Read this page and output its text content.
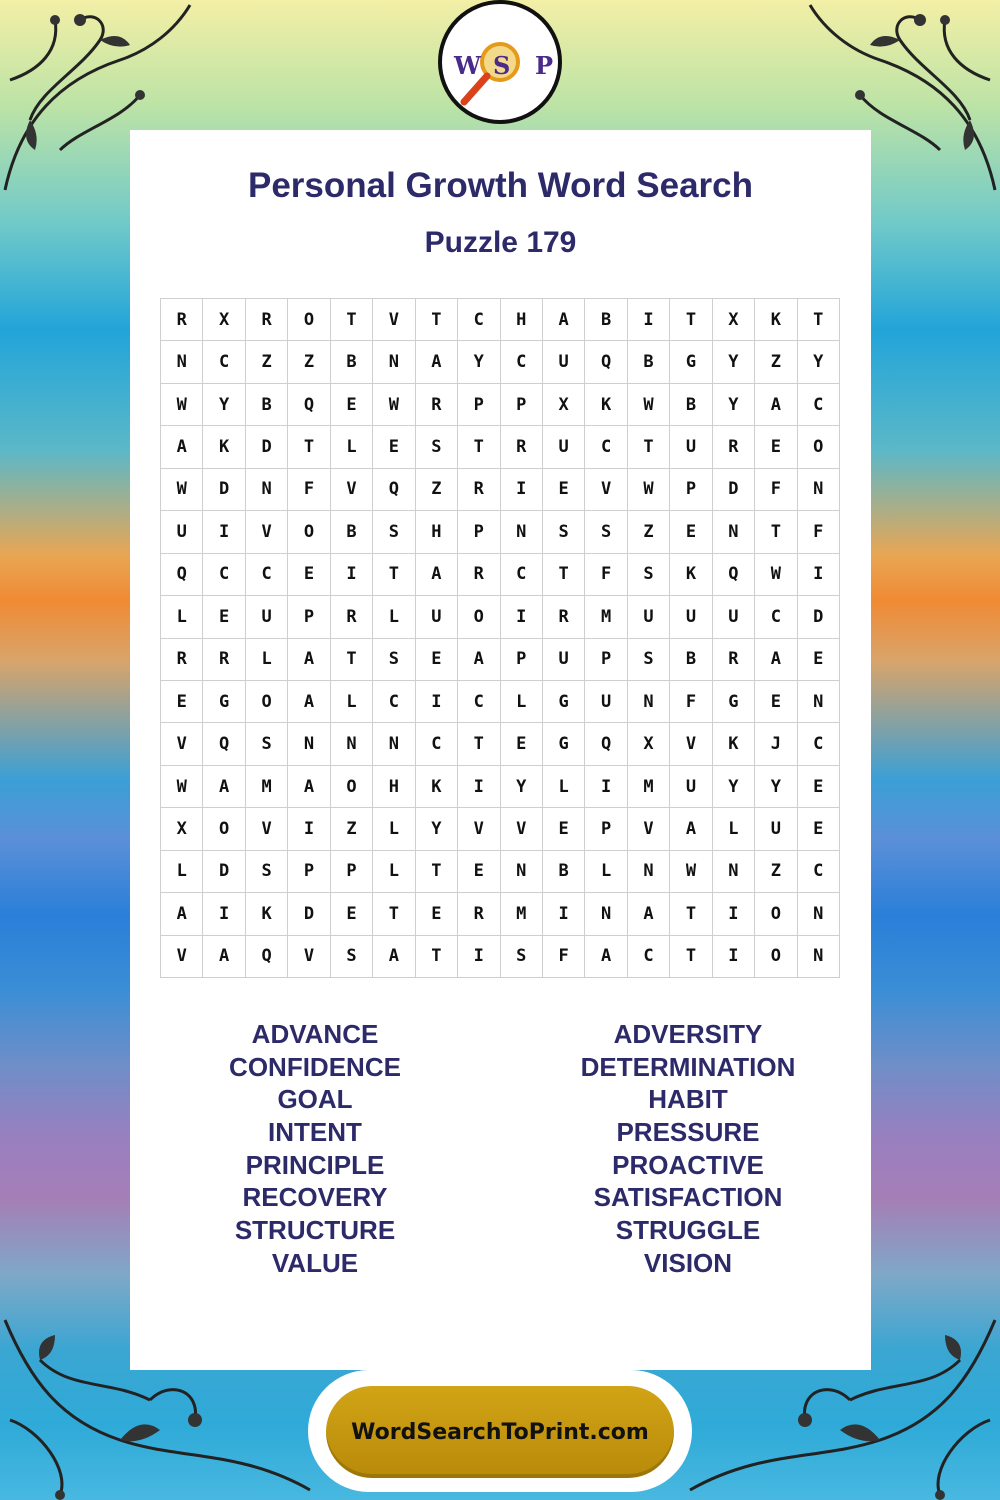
W S P
Personal Growth Word Search
Puzzle 179
R	X	R	O	T	V	T	C	H	A	B	I	T	X	K	T
N	C	Z	Z	B	N	A	Y	C	U	Q	B	G	Y	Z	Y
W	Y	B	Q	E	W	R	P	P	X	K	W	B	Y	A	C
A	K	D	T	L	E	S	T	R	U	C	T	U	R	E	O
W	D	N	F	V	Q	Z	R	I	E	V	W	P	D	F	N
U	I	V	O	B	S	H	P	N	S	S	Z	E	N	T	F
Q	C	C	E	I	T	A	R	C	T	F	S	K	Q	W	I
L	E	U	P	R	L	U	O	I	R	M	U	U	U	C	D
R	R	L	A	T	S	E	A	P	U	P	S	B	R	A	E
E	G	O	A	L	C	I	C	L	G	U	N	F	G	E	N
V	Q	S	N	N	N	C	T	E	G	Q	X	V	K	J	C
W	A	M	A	O	H	K	I	Y	L	I	M	U	Y	Y	E
X	O	V	I	Z	L	Y	V	V	E	P	V	A	L	U	E
L	D	S	P	P	L	T	E	N	B	L	N	W	N	Z	C
A	I	K	D	E	T	E	R	M	I	N	A	T	I	O	N
V	A	Q	V	S	A	T	I	S	F	A	C	T	I	O	N
ADVANCE
CONFIDENCE
GOAL
INTENT
PRINCIPLE
RECOVERY
STRUCTURE
VALUE
ADVERSITY
DETERMINATION
HABIT
PRESSURE
PROACTIVE
SATISFACTION
STRUGGLE
VISION
WordSearchToPrint.com
